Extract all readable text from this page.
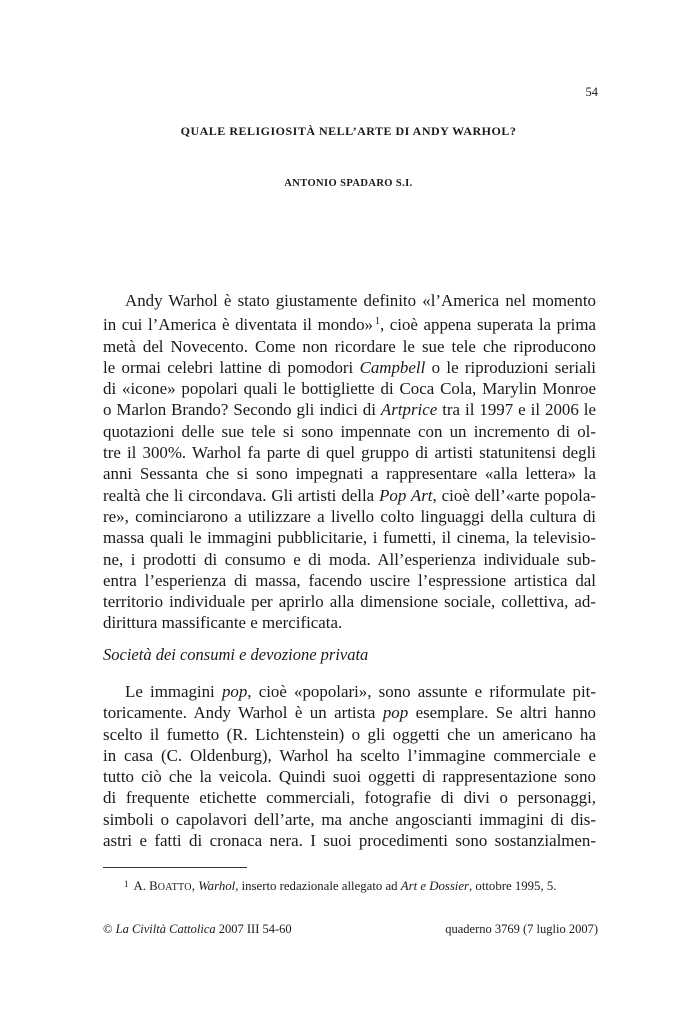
54
QUALE RELIGIOSITÀ NELL’ARTE DI ANDY WARHOL?
ANTONIO SPADARO S.I.
Andy Warhol è stato giustamente definito «l’America nel momento
in cui l’America è diventata il mondo»  $^1$, cioè appena superata la prima
metà del Novecento. Come non ricordare le sue tele che riproducono
le ormai celebri lattine di pomodori Campbell o le riproduzioni seriali
di «icone» popolari quali le bottigliette di Coca Cola, Marylin Monroe
o Marlon Brando? Secondo gli indici di Artprice tra il 1997 e il 2006 le
quotazioni delle sue tele si sono impennate con un incremento di ol-
tre il 300%. Warhol fa parte di quel gruppo di artisti statunitensi degli
anni Sessanta che si sono impegnati a rappresentare «alla lettera» la
realtà che li circondava. Gli artisti della Pop Art, cioè dell’«arte popola-
re», cominciarono a utilizzare a livello colto linguaggi della cultura di
massa quali le immagini pubblicitarie, i fumetti, il cinema, la televisio-
ne, i prodotti di consumo e di moda. All’esperienza individuale sub-
entra l’esperienza di massa, facendo uscire l’espressione artistica dal
territorio individuale per aprirlo alla dimensione sociale, collettiva, ad-
dirittura massificante e mercificata.
Società dei consumi e devozione privata
Le immagini pop, cioè «popolari», sono assunte e riformulate pit-
toricamente. Andy Warhol è un artista pop esemplare. Se altri hanno
scelto il fumetto (R. Lichtenstein) o gli oggetti che un americano ha
in casa (C. Oldenburg), Warhol ha scelto l’immagine commerciale e
tutto ciò che la veicola. Quindi suoi oggetti di rappresentazione sono
di frequente etichette commerciali, fotografie di divi o personaggi,
simboli o capolavori dell’arte, ma anche angoscianti immagini di dis-
astri e fatti di cronaca nera. I suoi procedimenti sono sostanzialmen-
$^1$ A. BOATTO, Warhol, inserto redazionale allegato ad Art e Dossier, ottobre 1995, 5.
© La Civiltà Cattolica 2007 III 54-60	quaderno 3769 (7 luglio 2007)
